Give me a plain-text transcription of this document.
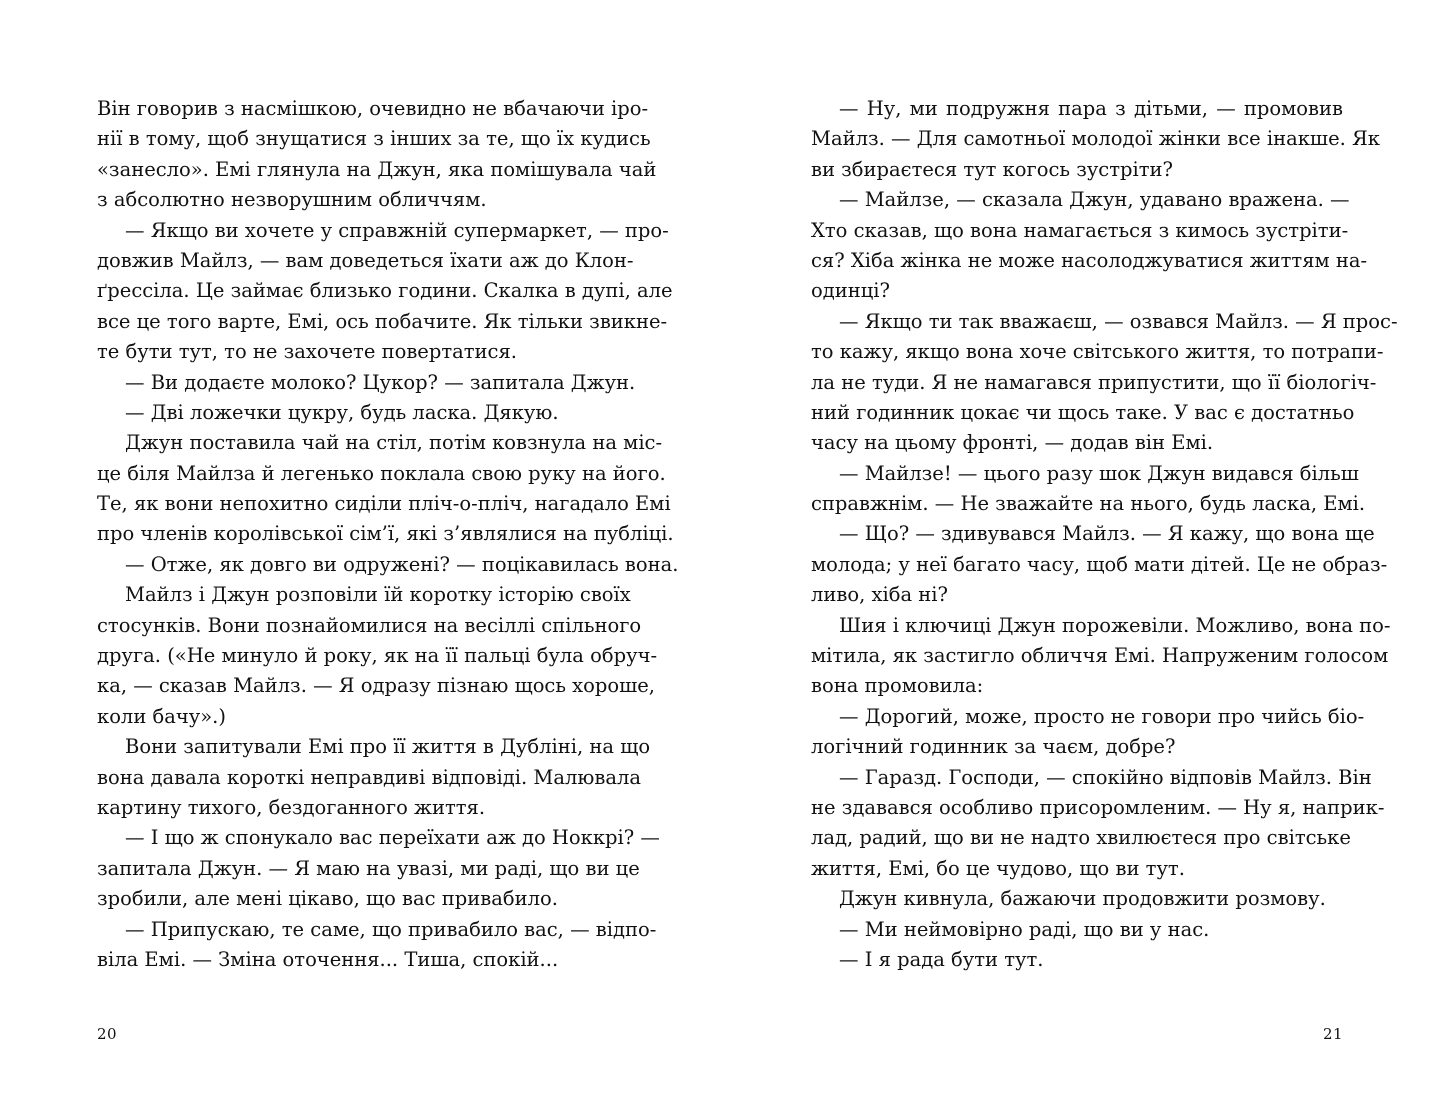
Він говорив з насмішкою, очевидно не вбачаючи іро-
нії в тому, щоб знущатися з інших за те, що їх кудись
«занесло». Емі глянула на Джун, яка помішувала чай
з абсолютно незворушним обличчям.
— Якщо ви хочете у справжній супермаркет, — про-
довжив Майлз, — вам доведеться їхати аж до Клон-
ґрессіла. Це займає близько години. Скалка в дупі, але
все це того варте, Емі, ось побачите. Як тільки звикне-
те бути тут, то не захочете повертатися.
— Ви додаєте молоко? Цукор? — запитала Джун.
— Дві ложечки цукру, будь ласка. Дякую.
Джун поставила чай на стіл, потім ковзнула на міс-
це біля Майлза й легенько поклала свою руку на його.
Те, як вони непохитно сиділи пліч-о-пліч, нагадало Емі
про членів королівської сім’ї, які з’являлися на публіці.
— Отже, як довго ви одружені? — поцікавилась вона.
Майлз і Джун розповіли їй коротку історію своїх
стосунків. Вони познайомилися на весіллі спільного
друга. («Не минуло й року, як на її пальці була обруч-
ка, — сказав Майлз. — Я одразу пізнаю щось хороше,
коли бачу».)
Вони запитували Емі про її життя в Дубліні, на що
вона давала короткі неправдиві відповіді. Малювала
картину тихого, бездоганного життя.
— І що ж спонукало вас переїхати аж до Ноккрі? —
запитала Джун. — Я маю на увазі, ми раді, що ви це
зробили, але мені цікаво, що вас привабило.
— Припускаю, те саме, що привабило вас, — відпо-
віла Емі. — Зміна оточення... Тиша, спокій...
20
— Ну, ми подружня пара з дітьми, — промовив
Майлз. — Для самотньої молодої жінки все інакше. Як
ви збираєтеся тут когось зустріти?
— Майлзе, — сказала Джун, удавано вражена. —
Хто сказав, що вона намагається з кимось зустріти-
ся? Хіба жінка не може насолоджуватися життям на-
одинці?
— Якщо ти так вважаєш, — озвався Майлз. — Я прос-
то кажу, якщо вона хоче світського життя, то потрапи-
ла не туди. Я не намагався припустити, що її біологіч-
ний годинник цокає чи щось таке. У вас є достатньо
часу на цьому фронті, — додав він Емі.
— Майлзе! — цього разу шок Джун видався більш
справжнім. — Не зважайте на нього, будь ласка, Емі.
— Що? — здивувався Майлз. — Я кажу, що вона ще
молода; у неї багато часу, щоб мати дітей. Це не образ-
ливо, хіба ні?
Шия і ключиці Джун порожевіли. Можливо, вона по-
мітила, як застигло обличчя Емі. Напруженим голосом
вона промовила:
— Дорогий, може, просто не говори про чийсь біо-
логічний годинник за чаєм, добре?
— Гаразд. Господи, — спокійно відповів Майлз. Він
не здавався особливо присоромленим. — Ну я, наприк-
лад, радий, що ви не надто хвилюєтеся про світське
життя, Емі, бо це чудово, що ви тут.
Джун кивнула, бажаючи продовжити розмову.
— Ми неймовірно раді, що ви у нас.
— І я рада бути тут.
21
